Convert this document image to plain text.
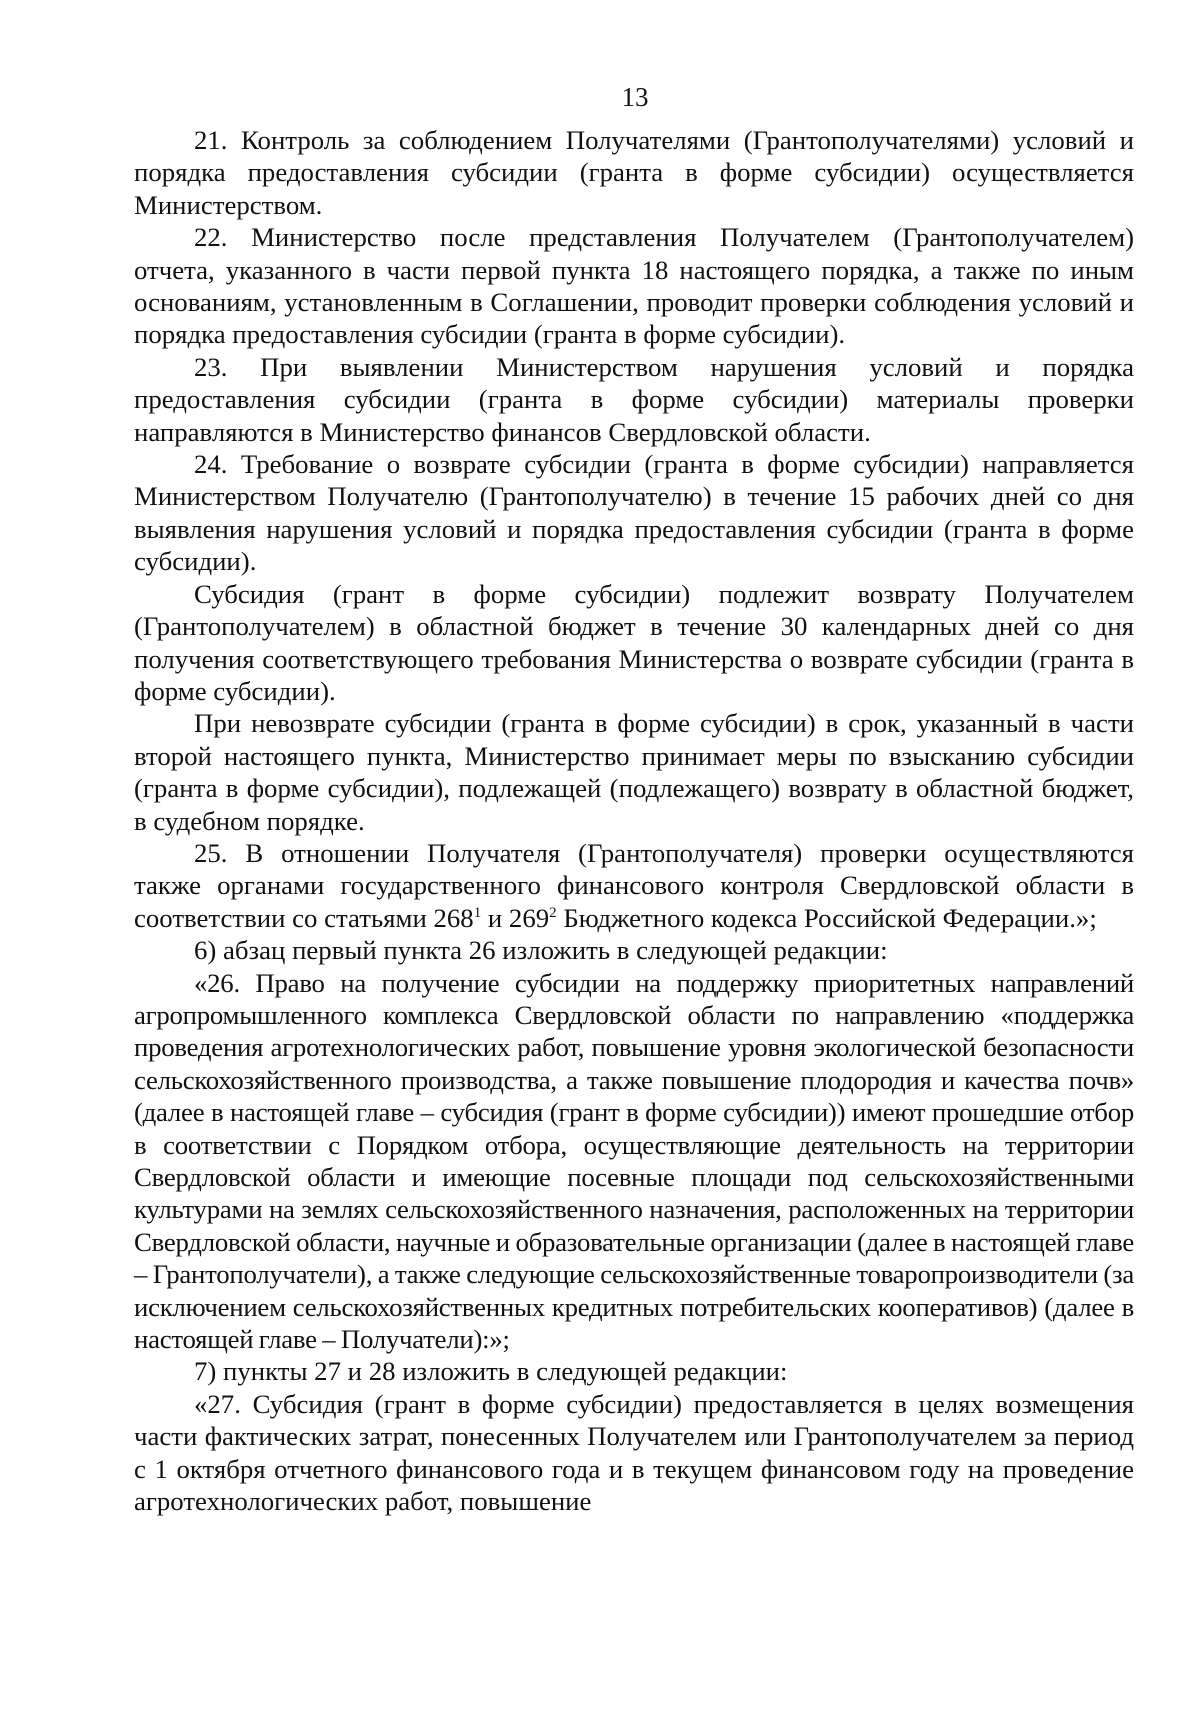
13

21. Контроль за соблюдением Получателями (Грантополучателями) условий и порядка предоставления субсидии (гранта в форме субсидии) осуществляется Министерством.

22. Министерство после представления Получателем (Грантополучателем) отчета, указанного в части первой пункта 18 настоящего порядка, а также по иным основаниям, установленным в Соглашении, проводит проверки соблюдения условий и порядка предоставления субсидии (гранта в форме субсидии).

23. При выявлении Министерством нарушения условий и порядка предоставления субсидии (гранта в форме субсидии) материалы проверки направляются в Министерство финансов Свердловской области.

24. Требование о возврате субсидии (гранта в форме субсидии) направляется Министерством Получателю (Грантополучателю) в течение 15 рабочих дней со дня выявления нарушения условий и порядка предоставления субсидии (гранта в форме субсидии).

Субсидия (грант в форме субсидии) подлежит возврату Получателем (Грантополучателем) в областной бюджет в течение 30 календарных дней со дня получения соответствующего требования Министерства о возврате субсидии (гранта в форме субсидии).

При невозврате субсидии (гранта в форме субсидии) в срок, указанный в части второй настоящего пункта, Министерство принимает меры по взысканию субсидии (гранта в форме субсидии), подлежащей (подлежащего) возврату в областной бюджет, в судебном порядке.

25. В отношении Получателя (Грантополучателя) проверки осуществляются также органами государственного финансового контроля Свердловской области в соответствии со статьями $268^1$ и $269^2$ Бюджетного кодекса Российской Федерации.»;

6) абзац первый пункта 26 изложить в следующей редакции:

«26. Право на получение субсидии на поддержку приоритетных направлений агропромышленного комплекса Свердловской области по направлению «поддержка проведения агротехнологических работ, повышение уровня экологической безопасности сельскохозяйственного производства, а также повышение плодородия и качества почв» (далее в настоящей главе – субсидия (грант в форме субсидии)) имеют прошедшие отбор в соответствии с Порядком отбора, осуществляющие деятельность на территории Свердловской области и имеющие посевные площади под сельскохозяйственными культурами на землях сельскохозяйственного назначения, расположенных на территории Свердловской области, научные и образовательные организации (далее в настоящей главе – Грантополучатели), а также следующие сельскохозяйственные товаропроизводители (за исключением сельскохозяйственных кредитных потребительских кооперативов) (далее в настоящей главе – Получатели):»;

7) пункты 27 и 28 изложить в следующей редакции:

«27. Субсидия (грант в форме субсидии) предоставляется в целях возмещения части фактических затрат, понесенных Получателем или Грантополучателем за период с 1 октября отчетного финансового года и в текущем финансовом году на проведение агротехнологических работ, повышение
